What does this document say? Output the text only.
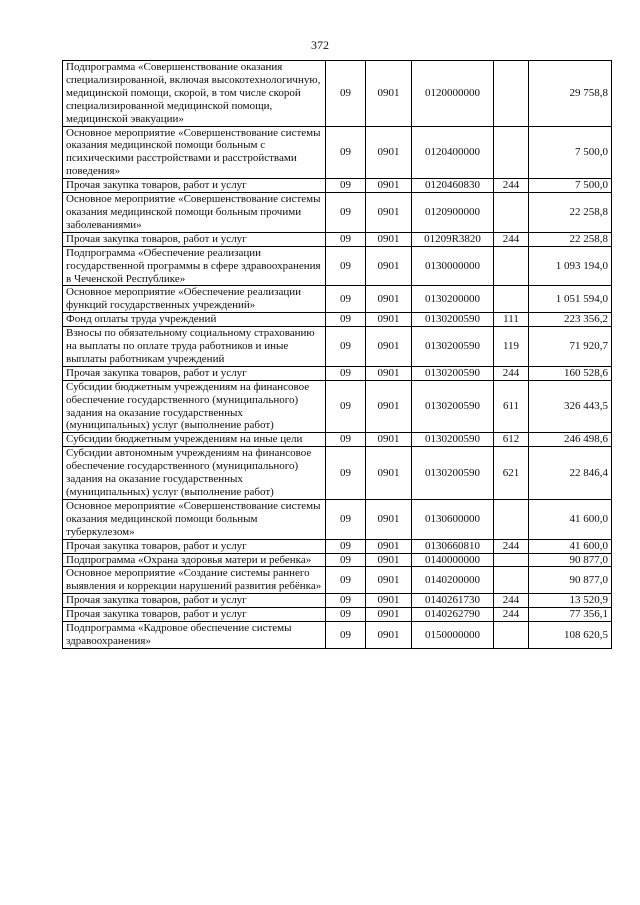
372
Подпрограмма «Совершенствование оказания специализированной, включая высокотехнологичную, медицинской помощи, скорой, в том числе скорой специализированной медицинской помощи, медицинской эвакуации»	09	0901	0120000000		29 758,8
Основное мероприятие «Совершенствование системы оказания медицинской помощи больным с психическими расстройствами и расстройствами поведения»	09	0901	0120400000		7 500,0
Прочая закупка товаров, работ и услуг	09	0901	0120460830	244	7 500,0
Основное мероприятие «Совершенствование системы оказания медицинской помощи больным прочими заболеваниями»	09	0901	0120900000		22 258,8
Прочая закупка товаров, работ и услуг	09	0901	01209R3820	244	22 258,8
Подпрограмма «Обеспечение реализации государственной программы в сфере здравоохранения в Чеченской Республике»	09	0901	0130000000		1 093 194,0
Основное мероприятие «Обеспечение реализации функций государственных учреждений»	09	0901	0130200000		1 051 594,0
Фонд оплаты труда учреждений	09	0901	0130200590	111	223 356,2
Взносы по обязательному социальному страхованию на выплаты по оплате труда работников и иные выплаты работникам учреждений	09	0901	0130200590	119	71 920,7
Прочая закупка товаров, работ и услуг	09	0901	0130200590	244	160 528,6
Субсидии бюджетным учреждениям на финансовое обеспечение государственного (муниципального) задания на оказание государственных (муниципальных) услуг (выполнение работ)	09	0901	0130200590	611	326 443,5
Субсидии бюджетным учреждениям на иные цели	09	0901	0130200590	612	246 498,6
Субсидии автономным учреждениям на финансовое обеспечение государственного (муниципального) задания на оказание государственных (муниципальных) услуг (выполнение работ)	09	0901	0130200590	621	22 846,4
Основное мероприятие «Совершенствование системы оказания медицинской помощи больным туберкулезом»	09	0901	0130600000		41 600,0
Прочая закупка товаров, работ и услуг	09	0901	0130660810	244	41 600,0
Подпрограмма «Охрана здоровья матери и ребенка»	09	0901	0140000000		90 877,0
Основное мероприятие «Создание системы раннего выявления и коррекции нарушений развития ребёнка»	09	0901	0140200000		90 877,0
Прочая закупка товаров, работ и услуг	09	0901	0140261730	244	13 520,9
Прочая закупка товаров, работ и услуг	09	0901	0140262790	244	77 356,1
Подпрограмма «Кадровое обеспечение системы здравоохранения»	09	0901	0150000000		108 620,5
